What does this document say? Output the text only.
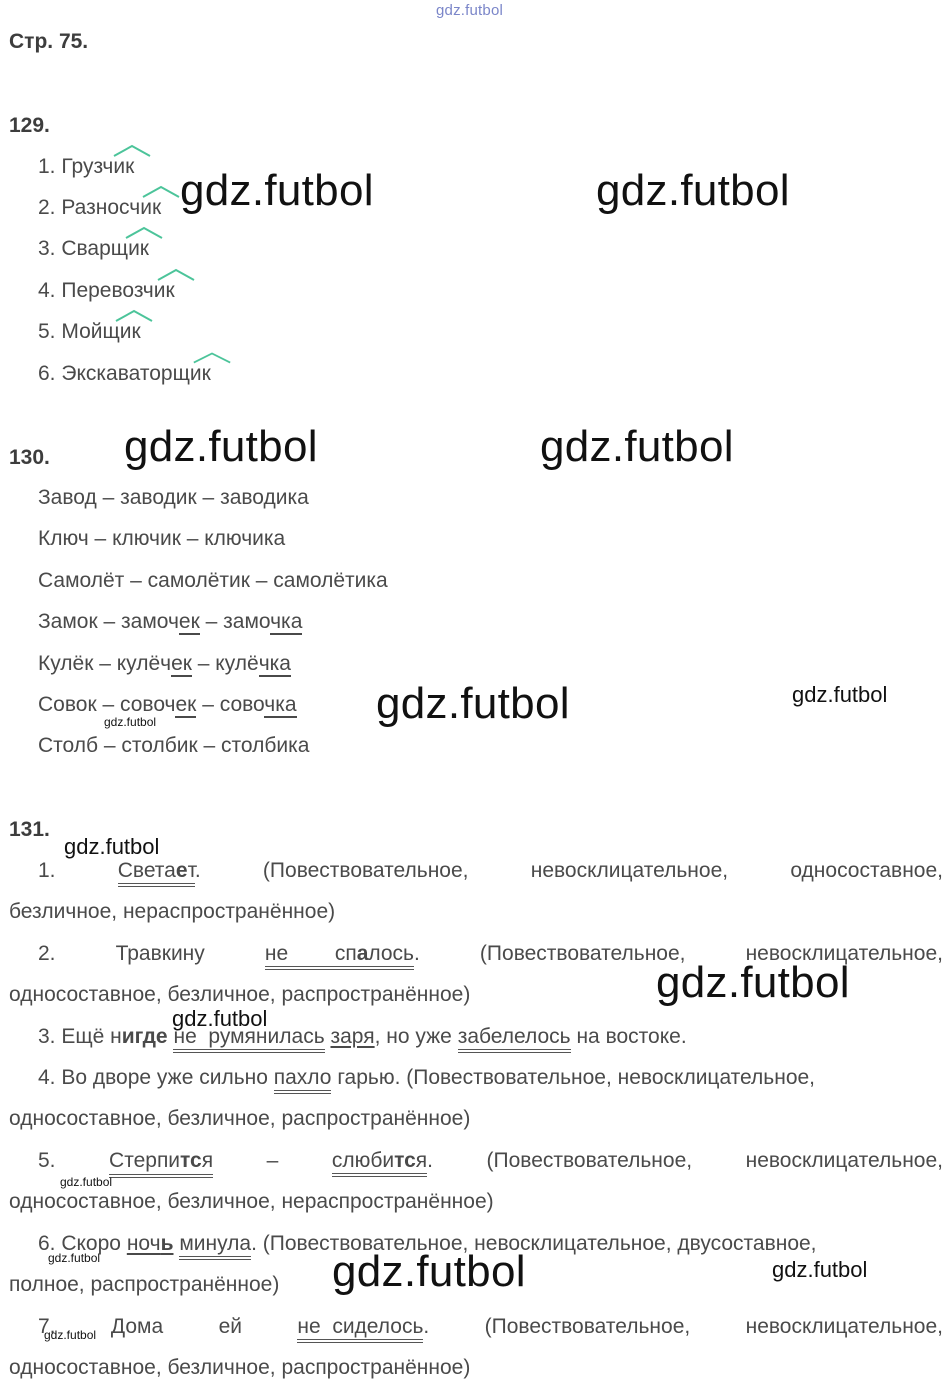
gdz.futbol
Стр. 75.
129.
1. Грузчик
2. Разносчик
3. Сварщик
4. Перевозчик
5. Мойщик
6. Экскаваторщик
130.
Завод – заводик – заводика
Ключ – ключик – ключика
Самолёт – самолётик – самолётика
Замок – замочек – замочка
Кулёк – кулёчек – кулёчка
Совок – совочек – совочка
Столб – столбик – столбика
131.
1.	Светает.	(Повествовательное,	невосклицательное,	односоставное,
безличное, нераспространённое)
2.	Травкину	не спалось.	(Повествовательное,	невосклицательное,
односоставное, безличное, распространённое)
3. Ещё нигде не  румянилась заря, но уже забелелось на востоке.
4. Во дворе уже сильно пахло гарью. (Повествовательное, невосклицательное,
односоставное, безличное, распространённое)
5.	Стерпится	–	слюбится.	(Повествовательное,	невосклицательное,
односоставное, безличное, нераспространённое)
6. Скоро ночь минула. (Повествовательное, невосклицательное, двусоставное,
полное, распространённое)
7.	Дома	ей	не  сиделось.	(Повествовательное,	невосклицательное,
односоставное, безличное, распространённое)
gdz.futbol	gdz.futbol
gdz.futbol	gdz.futbol
gdz.futbol	gdz.futbol
gdz.futbol
gdz.futbol
gdz.futbol
gdz.futbol
gdz.futbol
gdz.futbol	gdz.futbol	gdz.futbol
gdz.futbol
